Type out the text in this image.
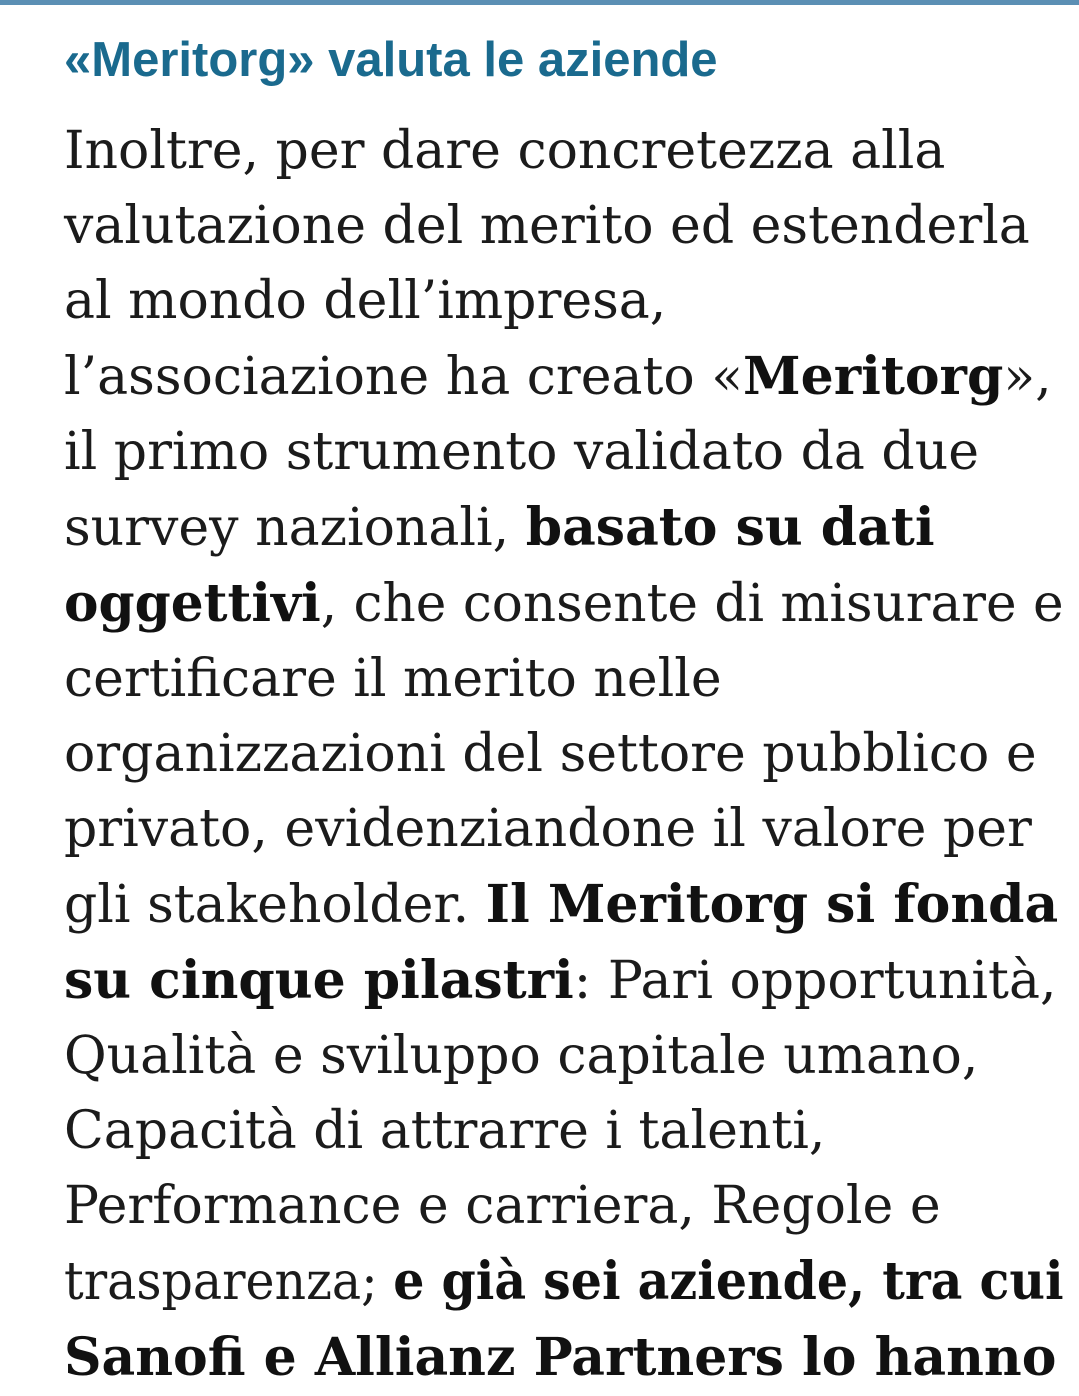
«Meritorg» valuta le aziende
Inoltre, per dare concretezza alla
valutazione del merito ed estenderla
al mondo dell’impresa,
l’associazione ha creato «Meritorg»,
il primo strumento validato da due
survey nazionali, basato su dati
oggettivi, che consente di misurare e
certificare il merito nelle
organizzazioni del settore pubblico e
privato, evidenziandone il valore per
gli stakeholder. Il Meritorg si fonda
su cinque pilastri: Pari opportunità,
Qualità e sviluppo capitale umano,
Capacità di attrarre i talenti,
Performance e carriera, Regole e
trasparenza; e già sei aziende, tra cui
Sanofi e Allianz Partners lo hanno
